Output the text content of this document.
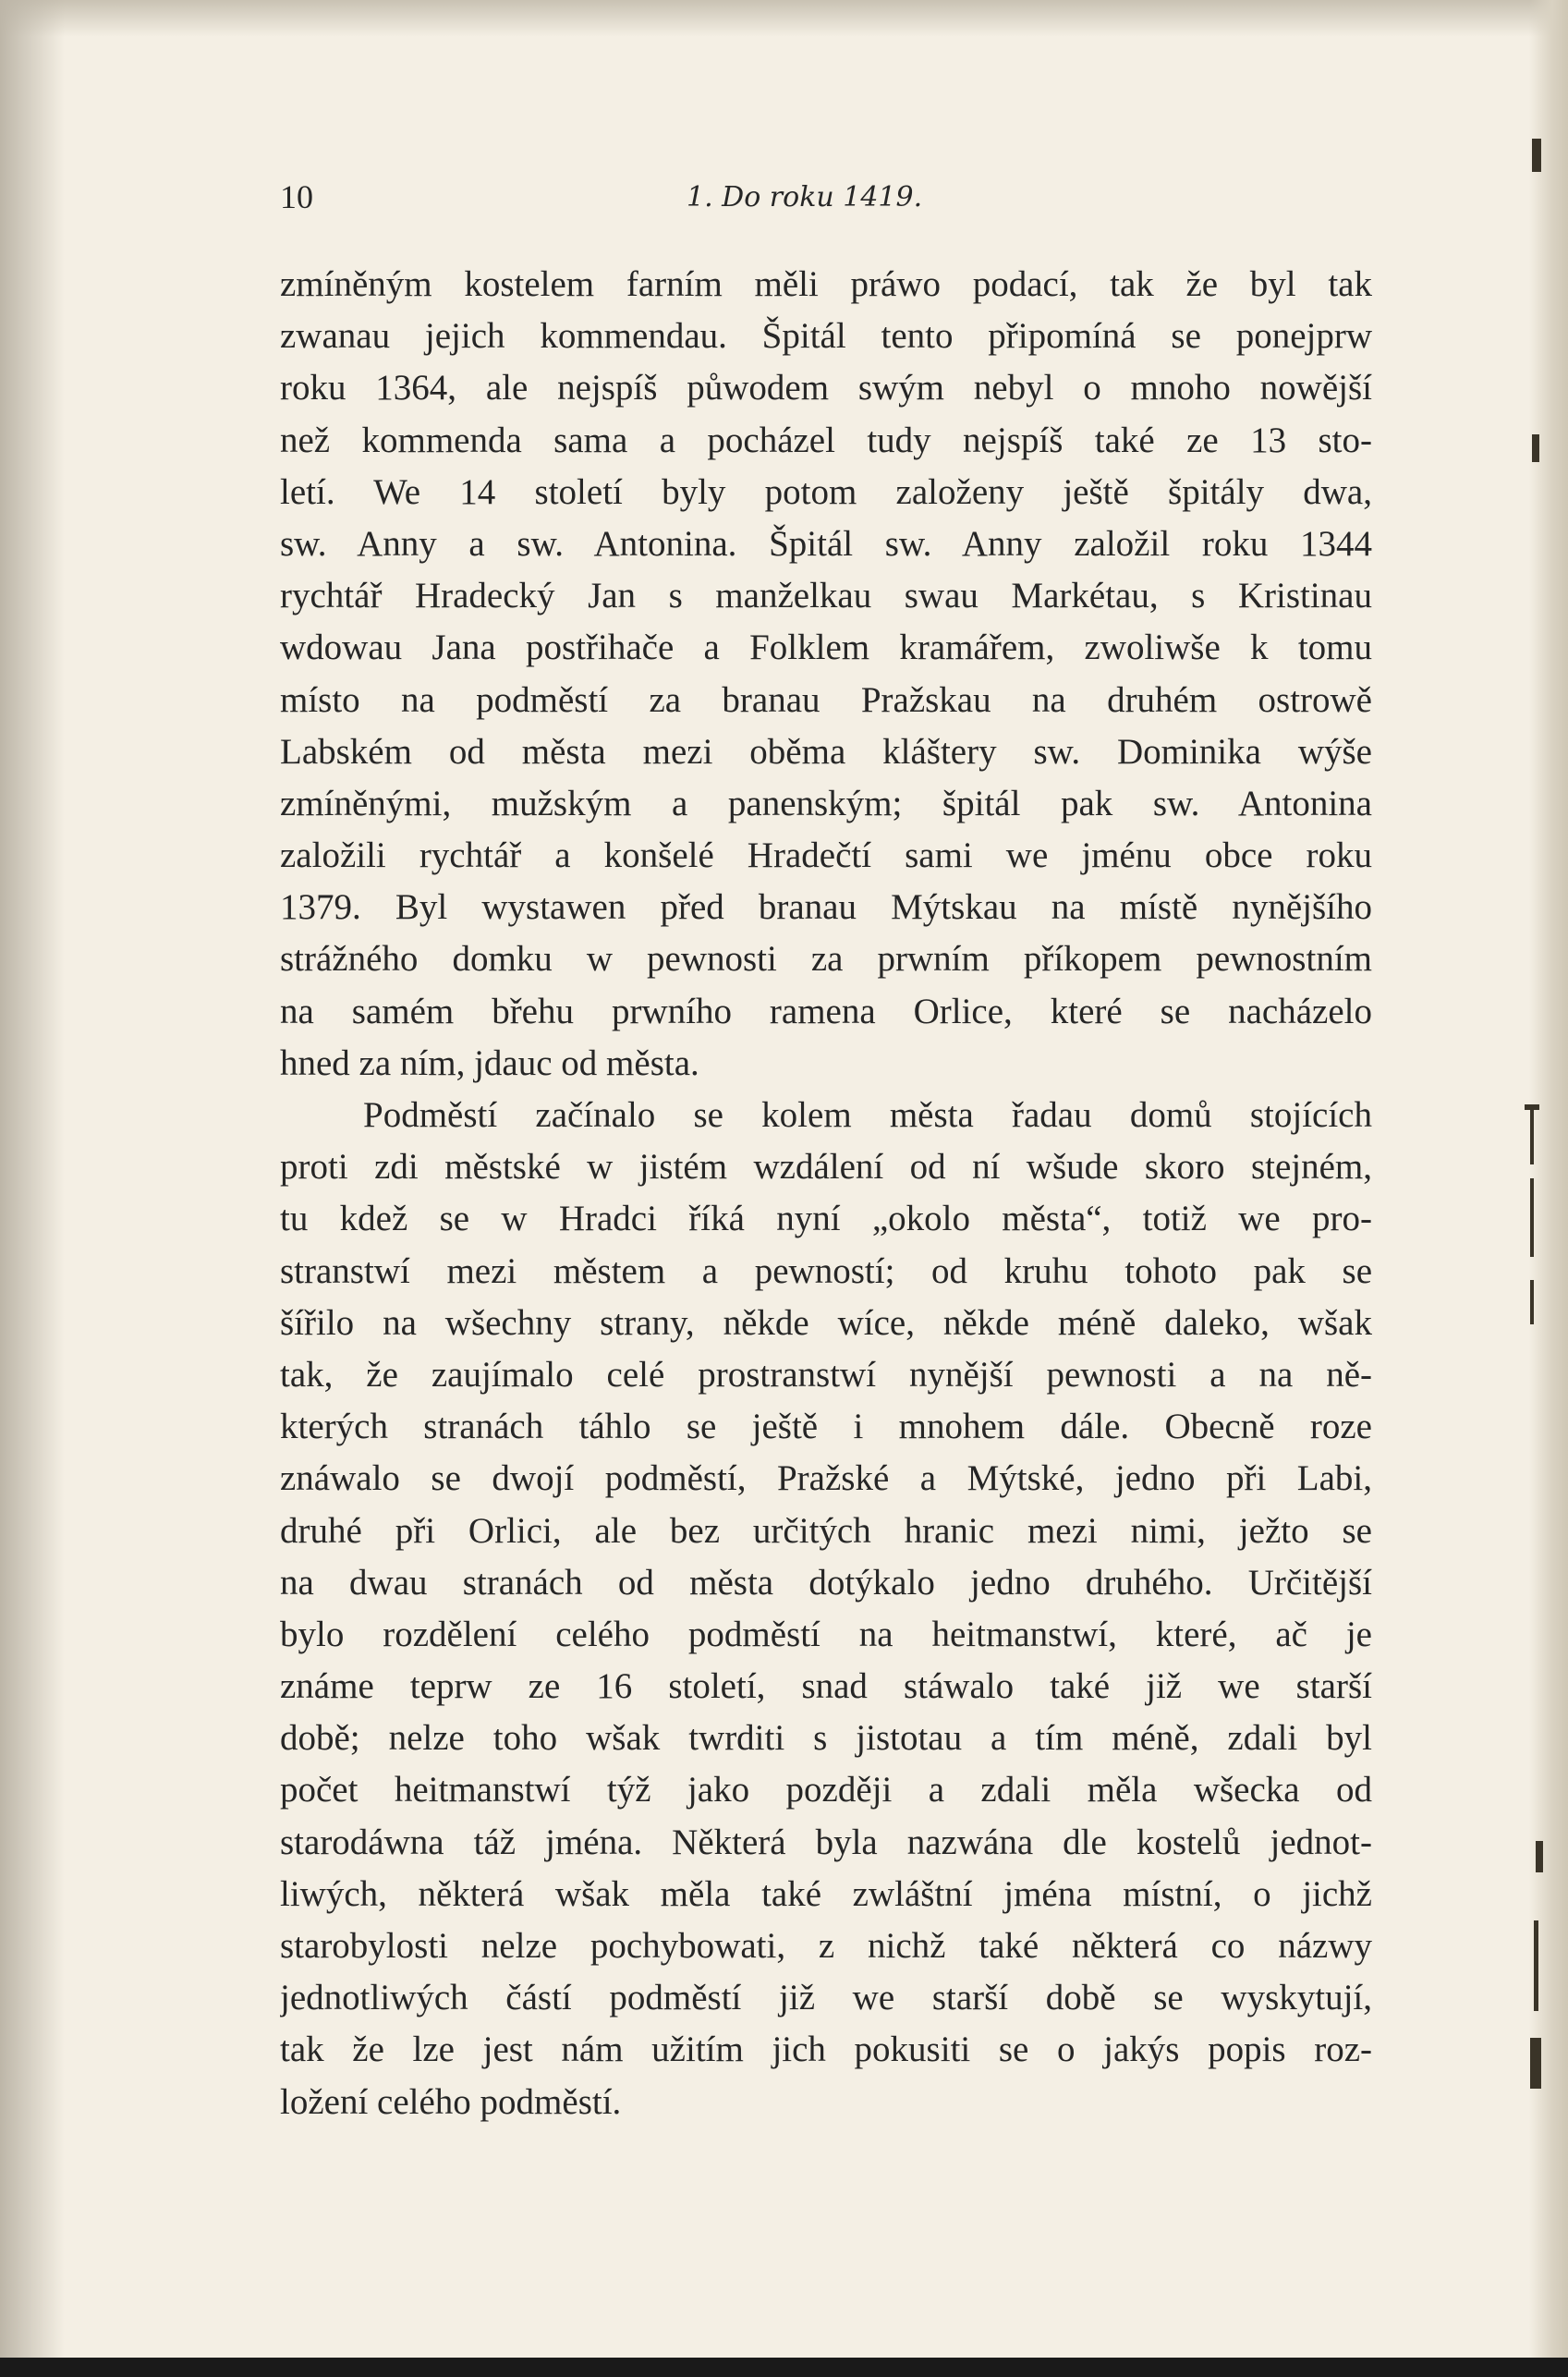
10	1. Do roku 1419.
zmíněným kostelem farním měli práwo podací, tak že byl tak
zwanau jejich kommendau. Špitál tento připomíná se ponejprw
roku 1364, ale nejspíš půwodem swým nebyl o mnoho nowější
než kommenda sama a pocházel tudy nejspíš také ze 13 sto-
letí. We 14 století byly potom založeny ještě špitály dwa,
sw. Anny a sw. Antonina. Špitál sw. Anny založil roku 1344
rychtář Hradecký Jan s manželkau swau Markétau, s Kristinau
wdowau Jana postřihače a Folklem kramářem, zwoliwše k tomu
místo na podměstí za branau Pražskau na druhém ostrowě
Labském od města mezi oběma kláštery sw. Dominika wýše
zmíněnými, mužským a panenským; špitál pak sw. Antonina
založili rychtář a konšelé Hradečtí sami we jménu obce roku
1379. Byl wystawen před branau Mýtskau na místě nynějšího
strážného domku w pewnosti za prwním příkopem pewnostním
na samém břehu prwního ramena Orlice, které se nacházelo
hned za ním, jdauc od města.
Podměstí začínalo se kolem města řadau domů stojících
proti zdi městské w jistém wzdálení od ní wšude skoro stejném,
tu kdež se w Hradci říká nyní „okolo města“, totiž we pro-
stranstwí mezi městem a pewností; od kruhu tohoto pak se
šířilo na wšechny strany, někde wíce, někde méně daleko, wšak
tak, že zaujímalo celé prostranstwí nynější pewnosti a na ně-
kterých stranách táhlo se ještě i mnohem dále. Obecně roze
znáwalo se dwojí podměstí, Pražské a Mýtské, jedno při Labi,
druhé při Orlici, ale bez určitých hranic mezi nimi, ježto se
na dwau stranách od města dotýkalo jedno druhého. Určitější
bylo rozdělení celého podměstí na heitmanstwí, které, ač je
známe teprw ze 16 století, snad stáwalo také již we starší
době; nelze toho wšak twrditi s jistotau a tím méně, zdali byl
počet heitmanstwí týž jako později a zdali měla wšecka od
starodáwna táž jména. Některá byla nazwána dle kostelů jednot-
liwých, některá wšak měla také zwláštní jména místní, o jichž
starobylosti nelze pochybowati, z nichž také některá co názwy
jednotliwých částí podměstí již we starší době se wyskytují,
tak že lze jest nám užitím jich pokusiti se o jakýs popis roz-
ložení celého podměstí.
